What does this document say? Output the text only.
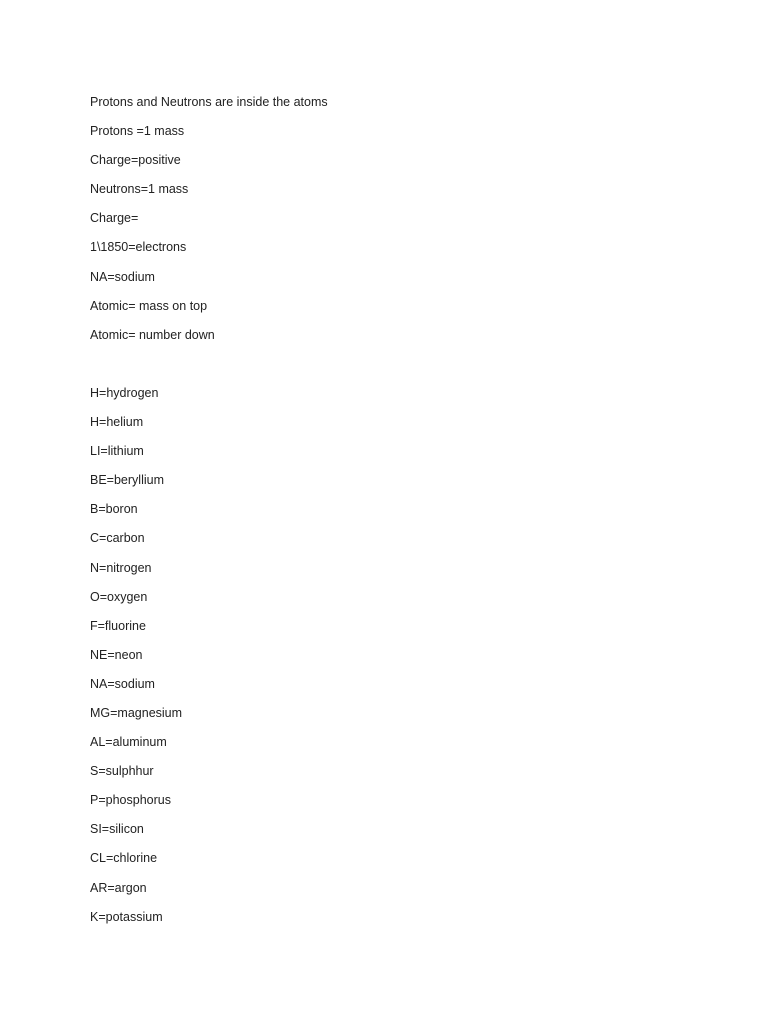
Protons and Neutrons are inside the atoms
Protons =1 mass
Charge=positive
Neutrons=1 mass
Charge=
1\1850=electrons
NA=sodium
Atomic= mass on top
Atomic= number down
H=hydrogen
H=helium
LI=lithium
BE=beryllium
B=boron
C=carbon
N=nitrogen
O=oxygen
F=fluorine
NE=neon
NA=sodium
MG=magnesium
AL=aluminum
S=sulphhur
P=phosphorus
SI=silicon
CL=chlorine
AR=argon
K=potassium
